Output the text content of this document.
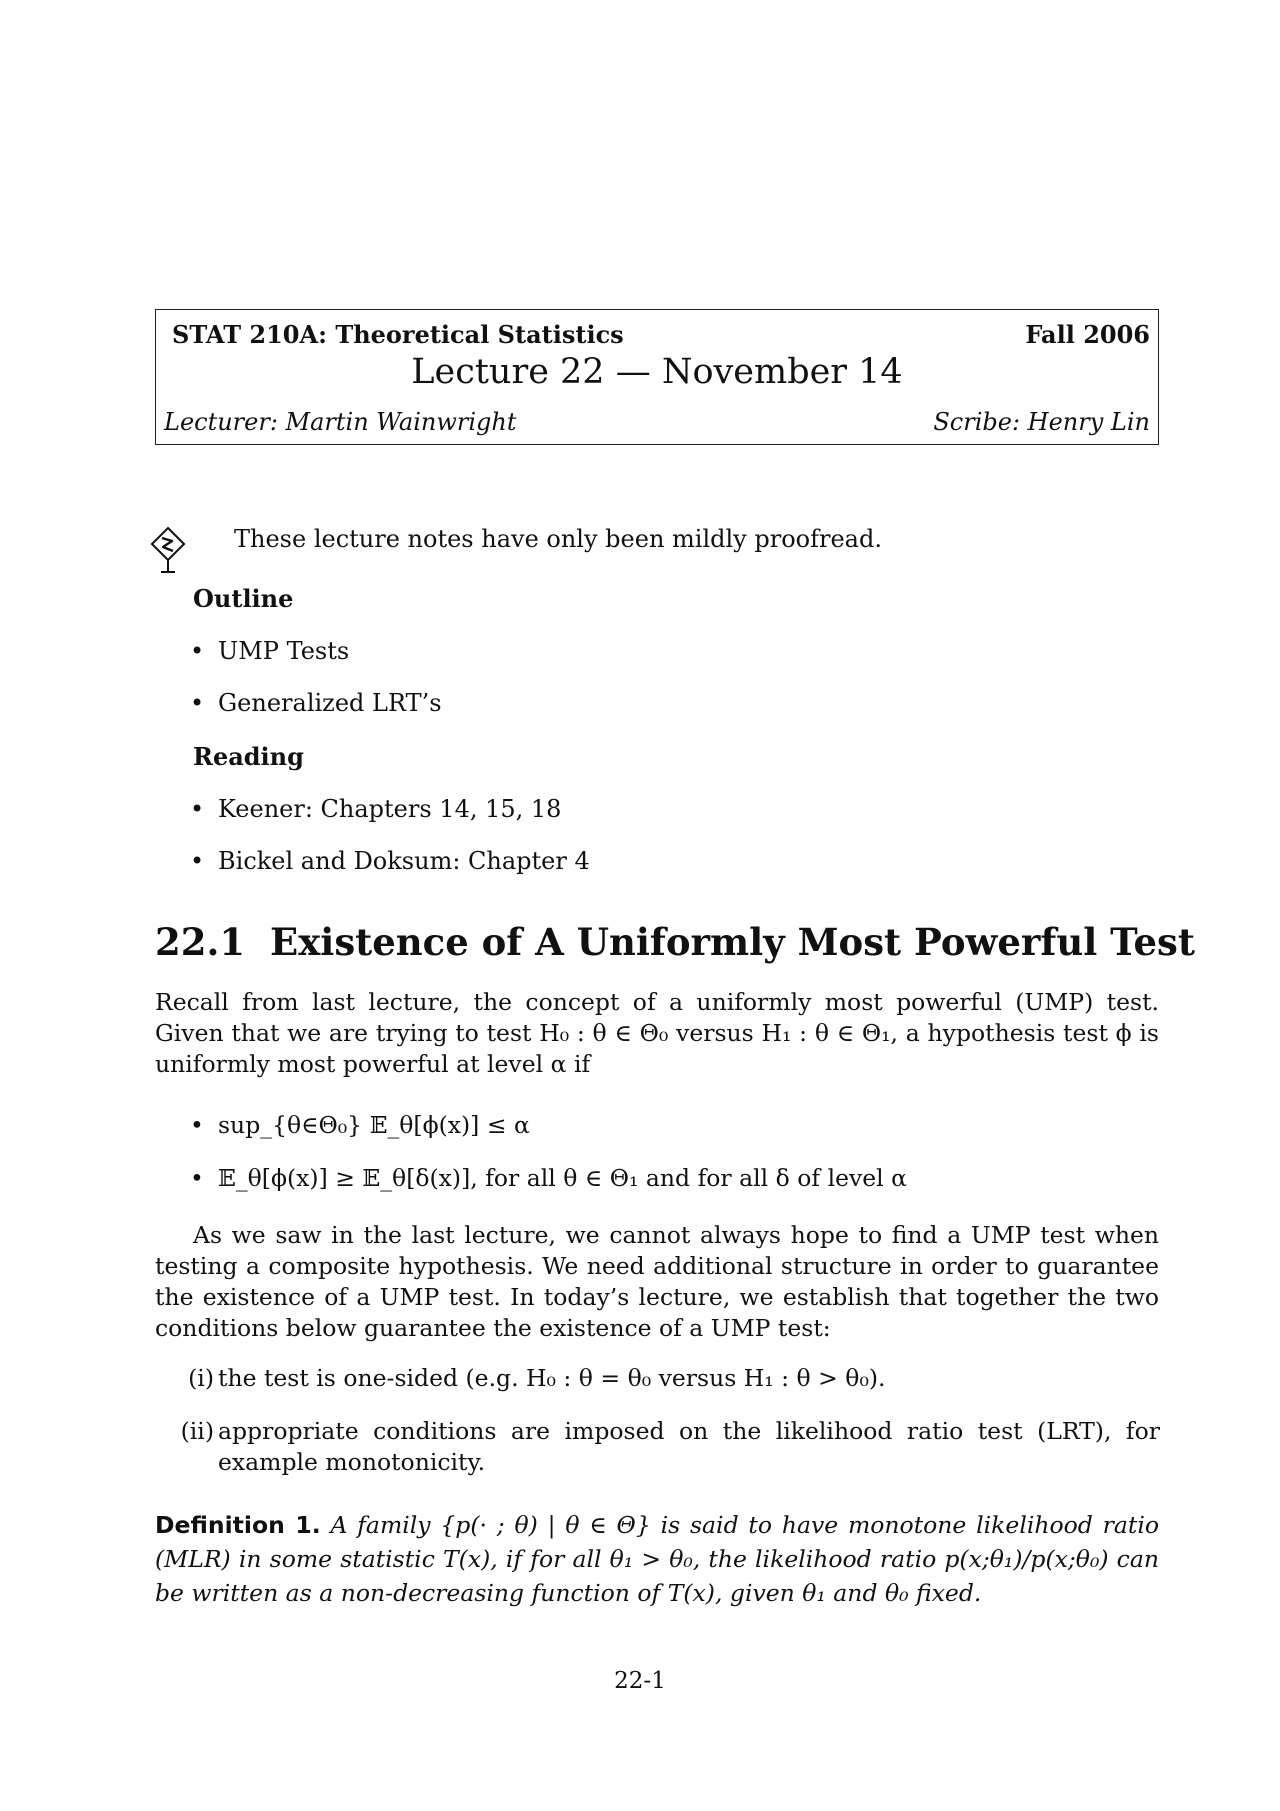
STAT 210A: Theoretical Statistics	Fall 2006
Lecture 22 — November 14
Lecturer: Martin Wainwright	Scribe: Henry Lin
These lecture notes have only been mildly proofread.
Outline
• UMP Tests
• Generalized LRT’s
Reading
• Keener: Chapters 14, 15, 18
• Bickel and Doksum: Chapter 4
22.1 Existence of A Uniformly Most Powerful Test
Recall from last lecture, the concept of a uniformly most powerful (UMP) test. Given that we are trying to test H₀ : θ ∈ Θ₀ versus H₁ : θ ∈ Θ₁, a hypothesis test ϕ is uniformly most powerful at level α if
• sup_{θ∈Θ₀} 𝔼_θ[ϕ(x)] ≤ α
• 𝔼_θ[ϕ(x)] ≥ 𝔼_θ[δ(x)], for all θ ∈ Θ₁ and for all δ of level α
As we saw in the last lecture, we cannot always hope to find a UMP test when testing a composite hypothesis. We need additional structure in order to guarantee the existence of a UMP test. In today’s lecture, we establish that together the two conditions below guarantee the existence of a UMP test:
(i) the test is one-sided (e.g. H₀ : θ = θ₀ versus H₁ : θ > θ₀).
(ii) appropriate conditions are imposed on the likelihood ratio test (LRT), for example monotonicity.
Definition 1. A family {p(· ; θ) | θ ∈ Θ} is said to have monotone likelihood ratio (MLR) in some statistic T(x), if for all θ₁ > θ₀, the likelihood ratio p(x;θ₁)/p(x;θ₀) can be written as a non-decreasing function of T(x), given θ₁ and θ₀ fixed.
22-1
